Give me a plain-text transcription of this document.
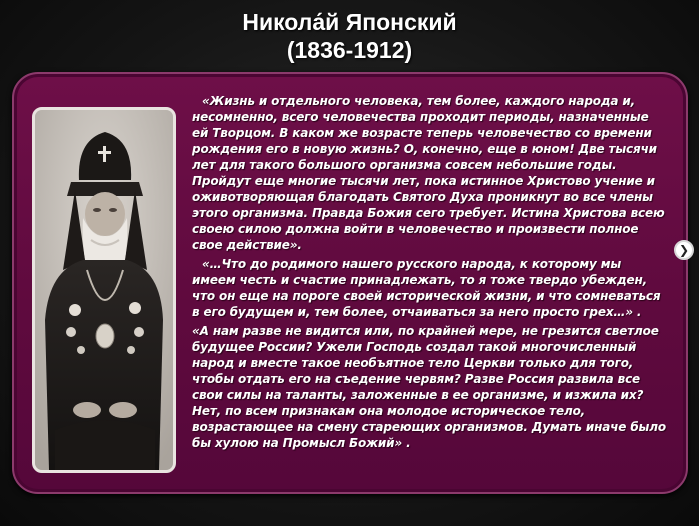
Никола́й Японский
(1836-1912)

«Жизнь и отдельного человека, тем более, каждого народа и, несомненно, всего человечества проходит периоды, назначенные ей Творцом. В каком же возрасте теперь человечество со времени рождения его в новую жизнь? О, конечно, еще в юном! Две тысячи лет для такого большого организма совсем небольшие годы. Пройдут еще многие тысячи лет, пока истинное Христово учение и оживотворяющая благодать Святого Духа проникнут во все члены этого организма. Правда Божия сего требует. Истина Христова всею своею силою должна войти в человечество и произвести полное свое действие».

«…Что до родимого нашего русского народа, к которому мы имеем честь и счастие принадлежать, то я тоже твердо убежден, что он еще на пороге своей исторической жизни, и что сомневаться в его будущем и, тем более, отчаиваться за него просто грех…» .

«А нам разве не видится или, по крайней мере, не грезится светлое будущее России? Ужели Господь создал такой многочисленный народ и вместе такое необъятное тело Церкви только для того, чтобы отдать его на съедение червям? Разве Россия развила все свои силы на таланты, заложенные в ее организме, и изжила их? Нет, по всем признакам она молодое историческое тело, возрастающее на смену стареющих организмов. Думать иначе было бы хулою на Промысл Божий» .

❯
